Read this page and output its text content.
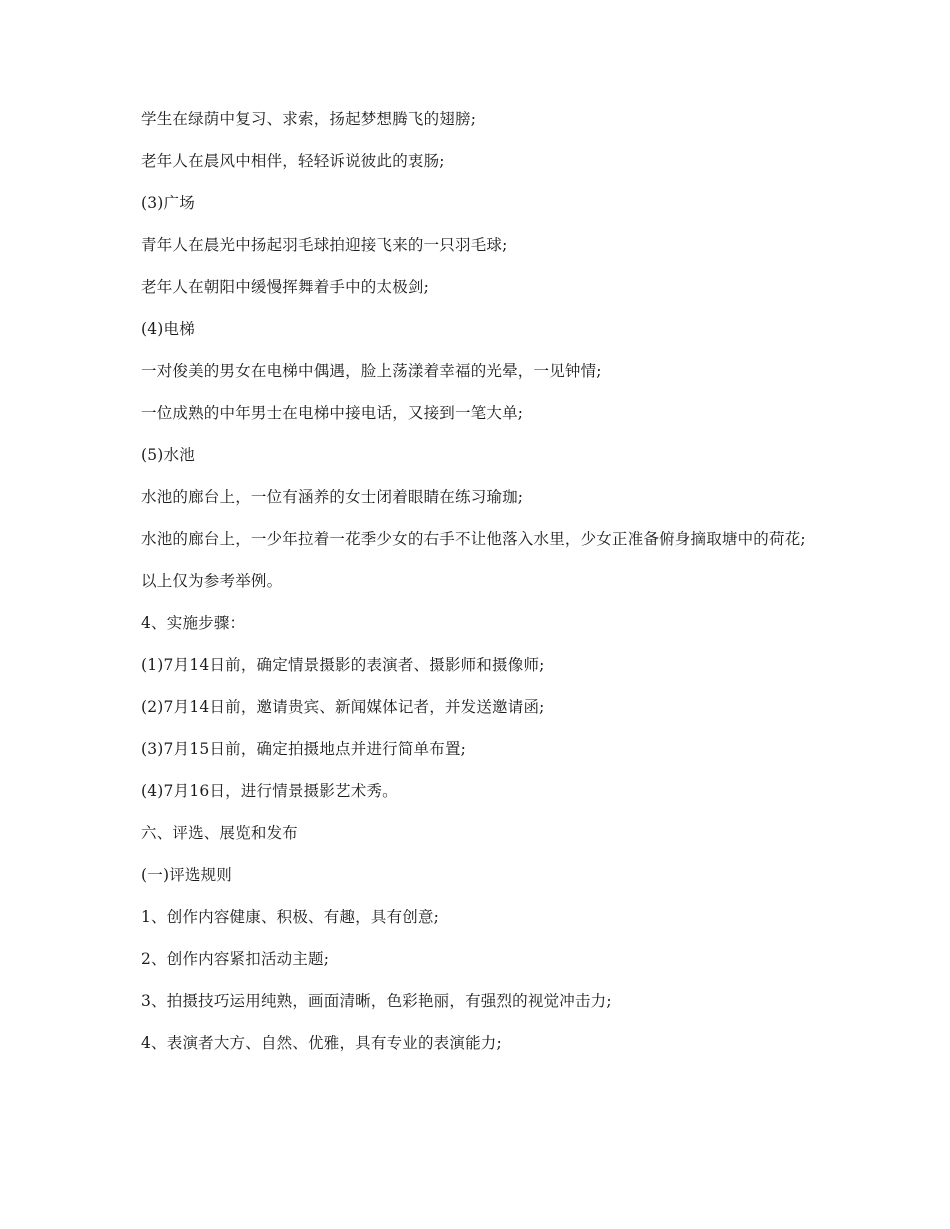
学生在绿荫中复习、求索，扬起梦想腾飞的翅膀;

老年人在晨风中相伴，轻轻诉说彼此的衷肠;

(3)广场

青年人在晨光中扬起羽毛球拍迎接飞来的一只羽毛球;

老年人在朝阳中缓慢挥舞着手中的太极剑;

(4)电梯

一对俊美的男女在电梯中偶遇，脸上荡漾着幸福的光晕，一见钟情;

一位成熟的中年男士在电梯中接电话，又接到一笔大单;

(5)水池

水池的廊台上，一位有涵养的女士闭着眼睛在练习瑜珈;

水池的廊台上，一少年拉着一花季少女的右手不让他落入水里，少女正准备俯身摘取塘中的荷花;

以上仅为参考举例。

4、实施步骤：

(1)7月14日前，确定情景摄影的表演者、摄影师和摄像师;

(2)7月14日前，邀请贵宾、新闻媒体记者，并发送邀请函;

(3)7月15日前，确定拍摄地点并进行简单布置;

(4)7月16日，进行情景摄影艺术秀。

六、评选、展览和发布

(一)评选规则

1、创作内容健康、积极、有趣，具有创意;

2、创作内容紧扣活动主题;

3、拍摄技巧运用纯熟，画面清晰，色彩艳丽，有强烈的视觉冲击力;

4、表演者大方、自然、优雅，具有专业的表演能力;
